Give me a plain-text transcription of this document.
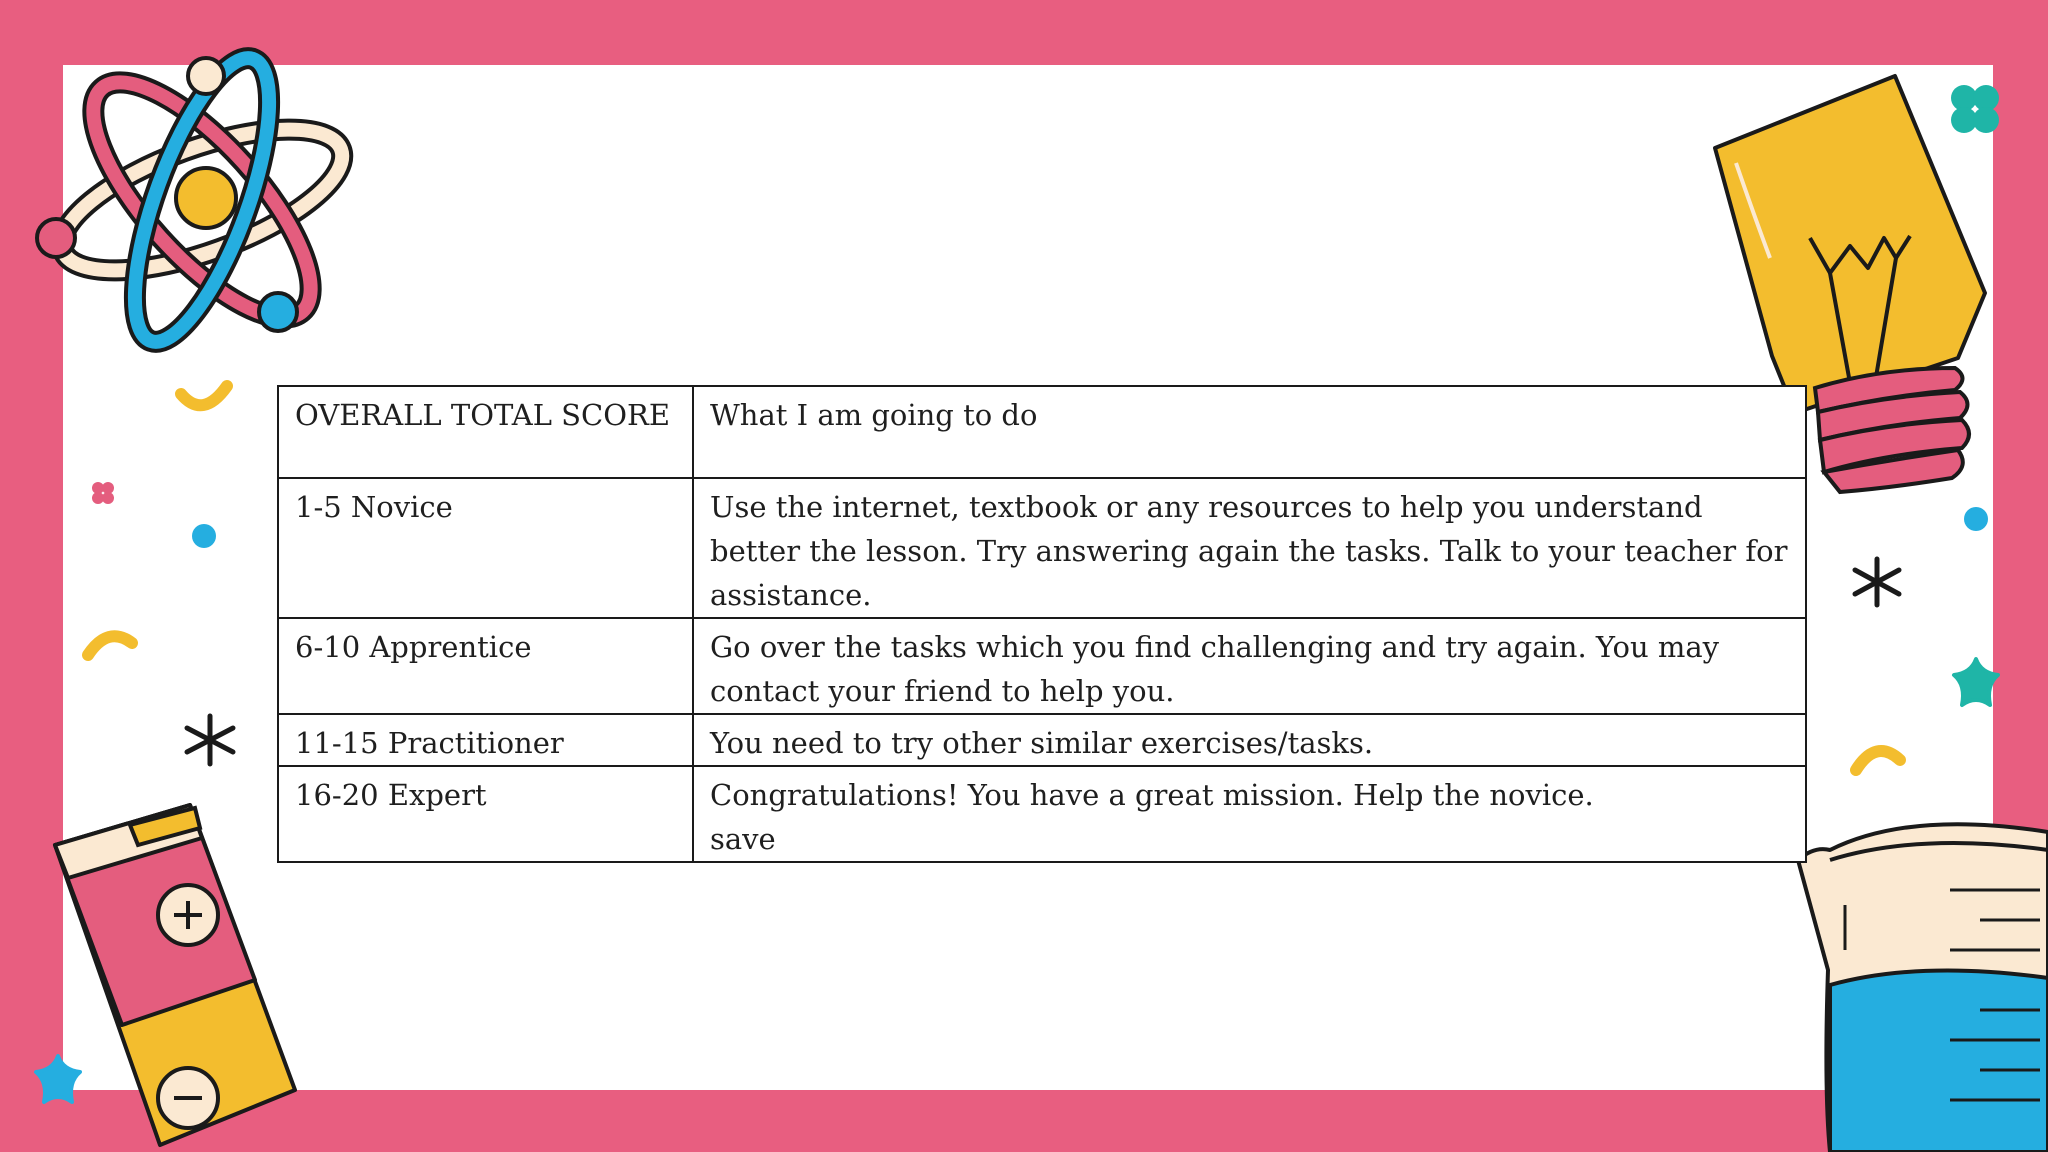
OVERALL TOTAL SCORE	What I am going to do
1-5 Novice	Use the internet, textbook or any resources to help you understand better the lesson. Try answering again the tasks. Talk to your teacher for assistance.
6-10 Apprentice	Go over the tasks which you find challenging and try again. You may contact your friend to help you.
11-15 Practitioner	You need to try other similar exercises/tasks.
16-20 Expert	Congratulations! You have a great mission. Help the novice.
save
